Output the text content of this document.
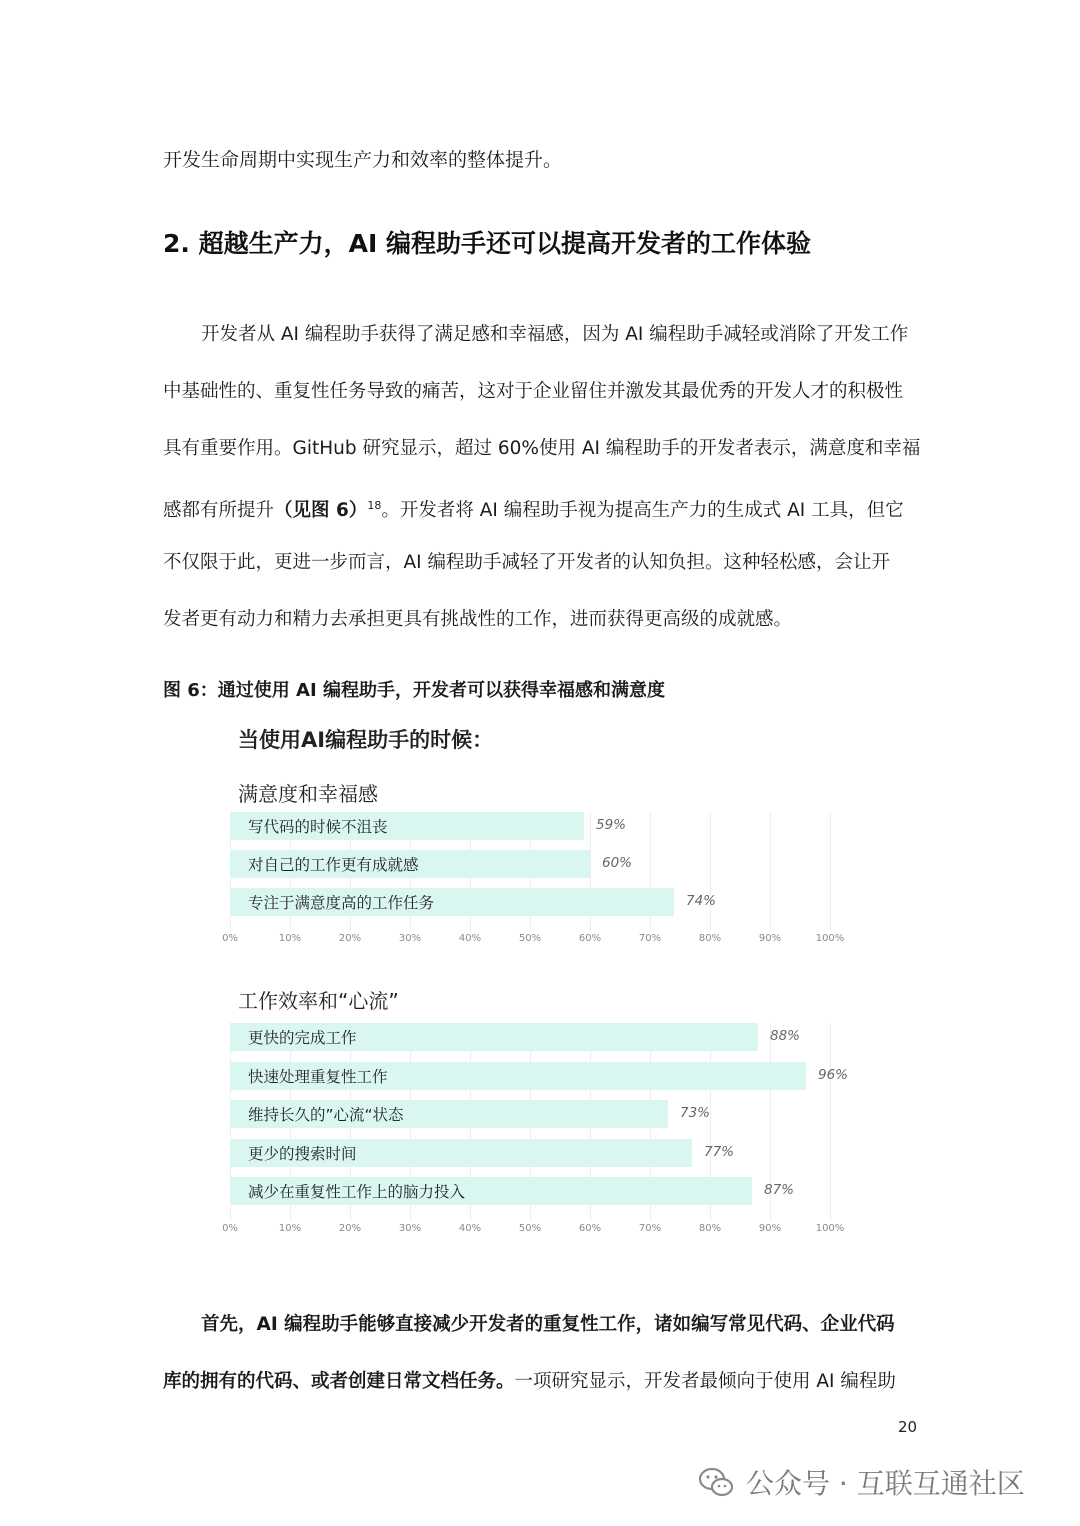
开发生命周期中实现生产力和效率的整体提升。
2. 超越生产力，AI 编程助手还可以提高开发者的工作体验
开发者从 AI 编程助手获得了满足感和幸福感，因为 AI 编程助手减轻或消除了开发工作
中基础性的、重复性任务导致的痛苦，这对于企业留住并激发其最优秀的开发人才的积极性
具有重要作用。GitHub 研究显示，超过 60%使用 AI 编程助手的开发者表示，满意度和幸福
感都有所提升（见图 6）$^{18}$。开发者将 AI 编程助手视为提高生产力的生成式 AI 工具，但它
不仅限于此，更进一步而言，AI 编程助手减轻了开发者的认知负担。这种轻松感，会让开
发者更有动力和精力去承担更具有挑战性的工作，进而获得更高级的成就感。
图 6：通过使用 AI 编程助手，开发者可以获得幸福感和满意度
当使用AI编程助手的时候：
满意度和幸福感
写代码的时候不沮丧	59%
对自己的工作更有成就感	60%
专注于满意度高的工作任务	74%
0%	10%	20%	30%	40%	50%	60%	70%	80%	90%	100%
工作效率和“心流”
更快的完成工作	88%
快速处理重复性工作	96%
维持长久的”心流“状态	73%
更少的搜索时间	77%
减少在重复性工作上的脑力投入	87%
0%	10%	20%	30%	40%	50%	60%	70%	80%	90%	100%
首先，AI 编程助手能够直接减少开发者的重复性工作，诸如编写常见代码、企业代码
库的拥有的代码、或者创建日常文档任务。一项研究显示，开发者最倾向于使用 AI 编程助
20
公众号 · 互联互通社区
